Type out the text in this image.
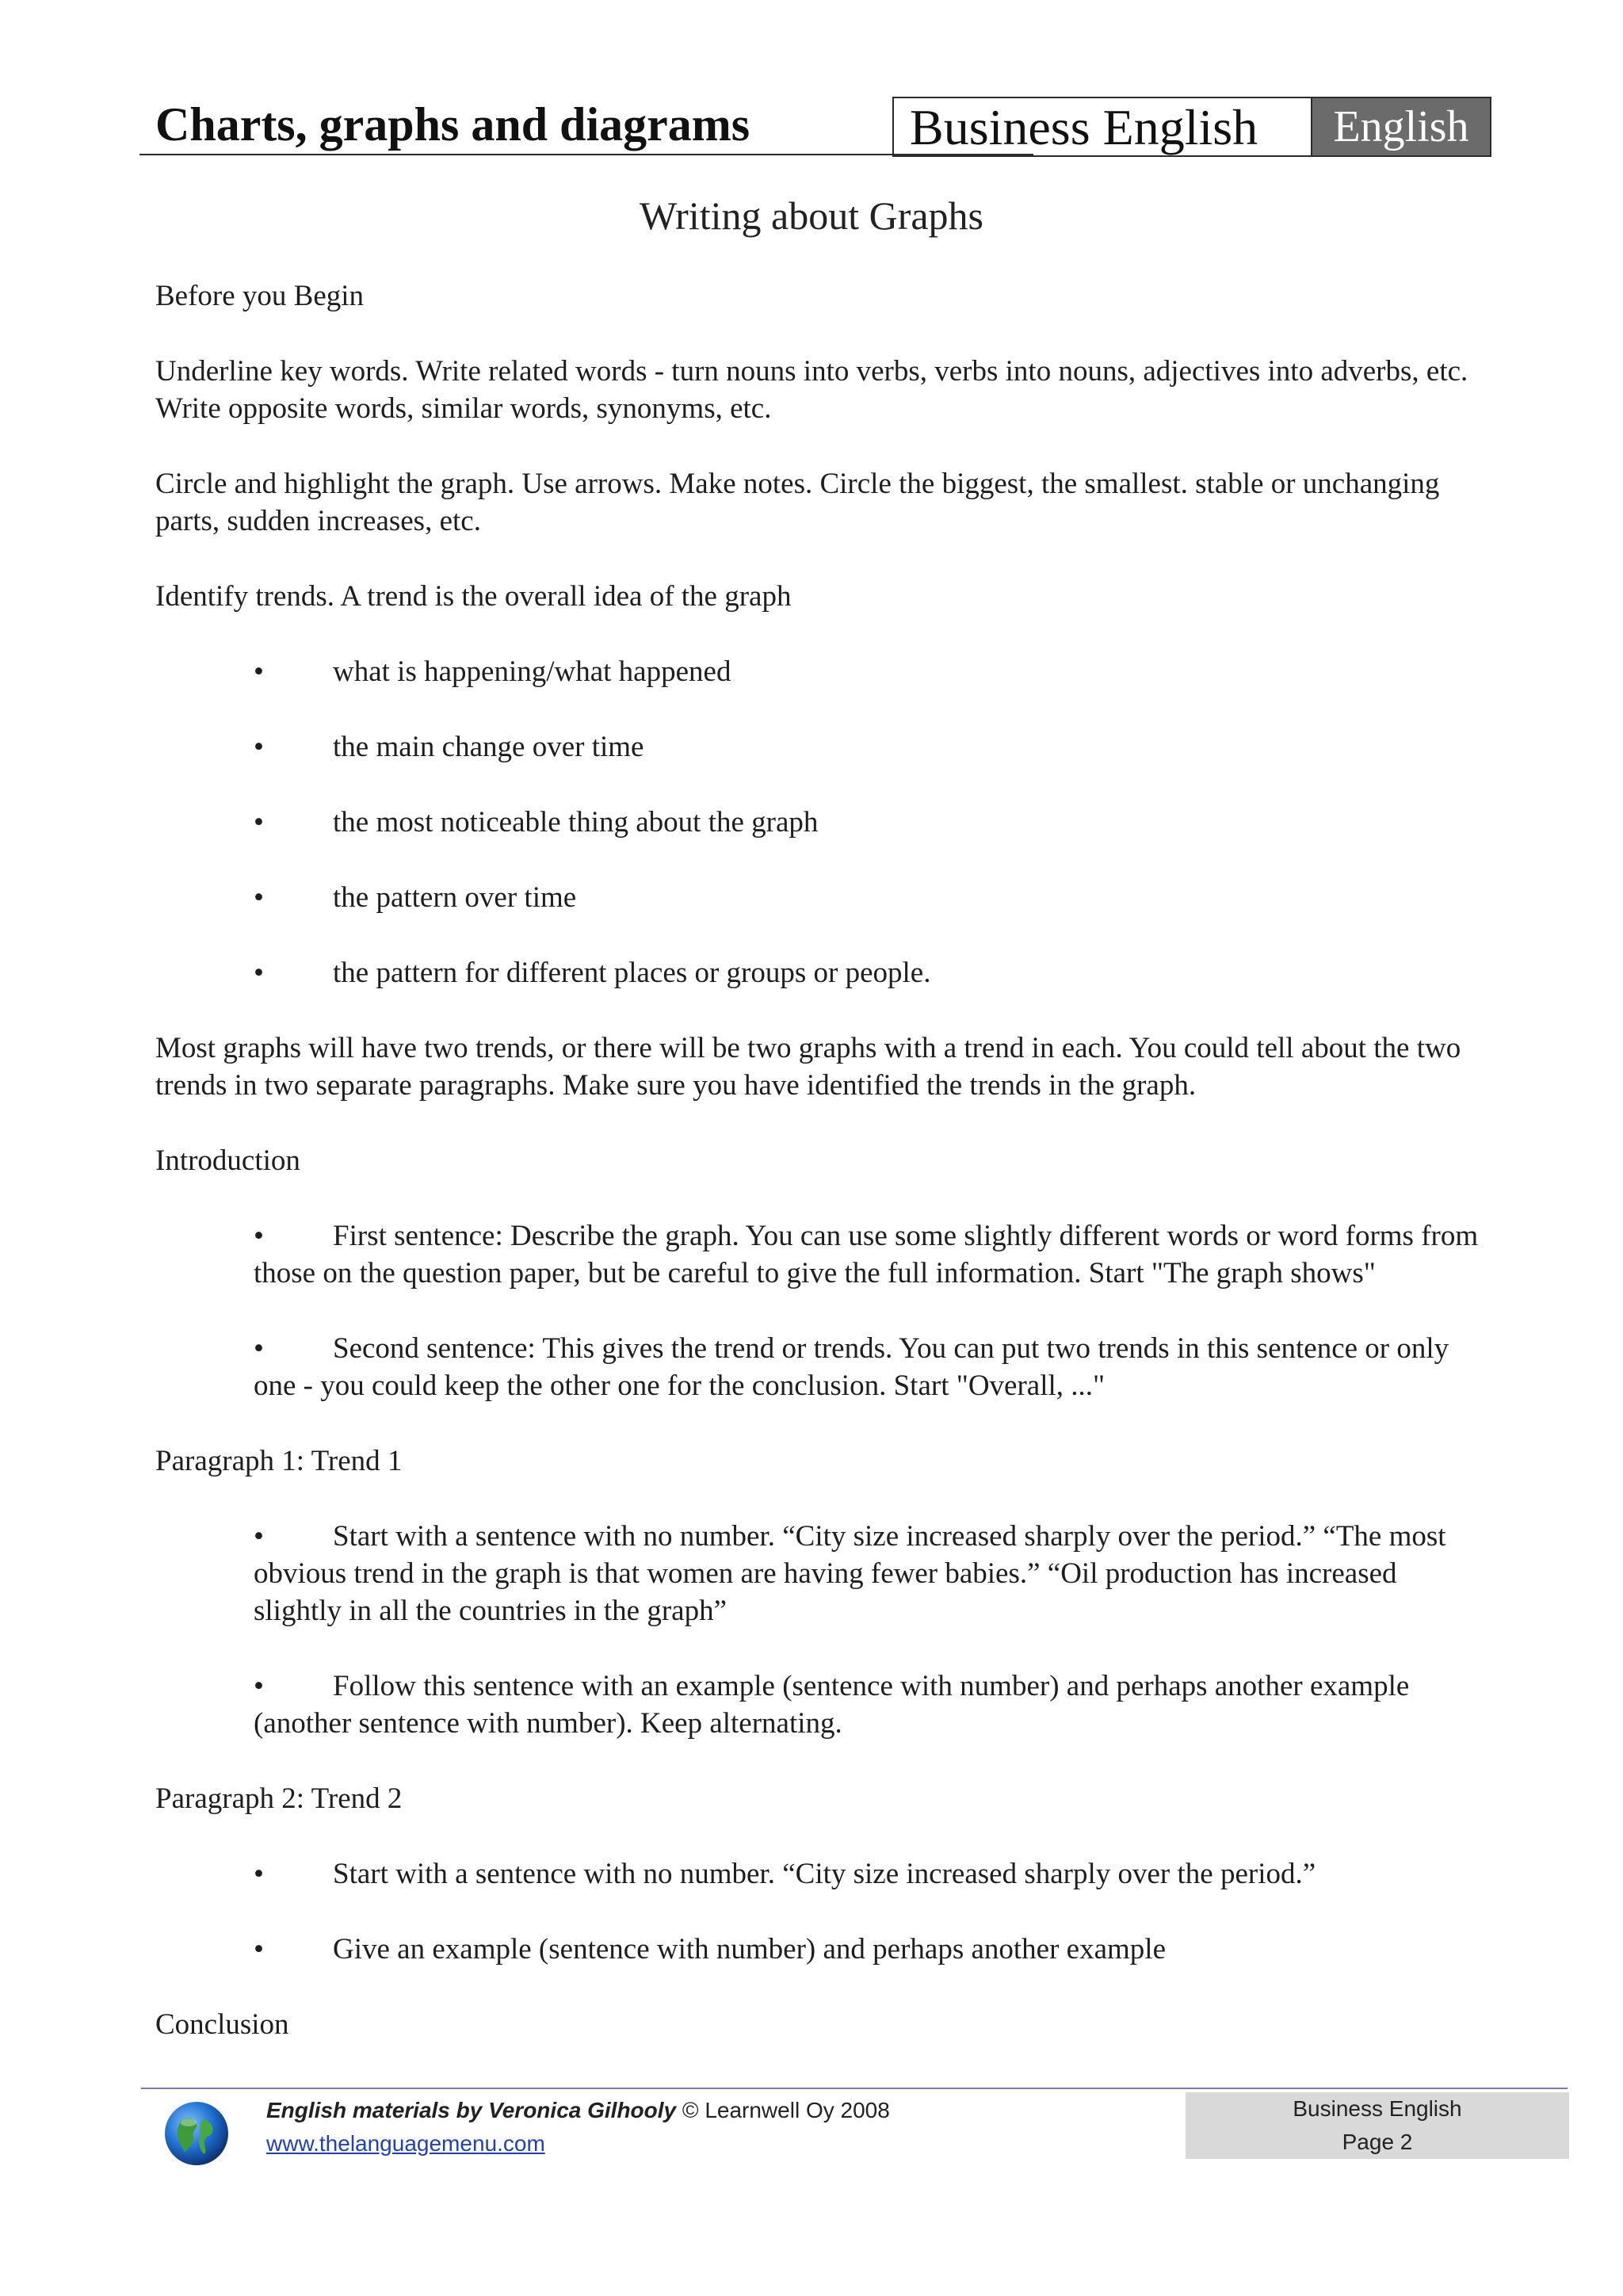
Charts, graphs and diagrams	Business English	English
Writing about Graphs
Before you Begin
Underline key words. Write related words - turn nouns into verbs, verbs into nouns, adjectives into adverbs, etc. Write opposite words, similar words, synonyms, etc.
Circle and highlight the graph. Use arrows. Make notes. Circle the biggest, the smallest. stable or unchanging parts, sudden increases, etc.
Identify trends. A trend is the overall idea of the graph
•	what is happening/what happened
•	the main change over time
•	the most noticeable thing about the graph
•	the pattern over time
•	the pattern for different places or groups or people.
Most graphs will have two trends, or there will be two graphs with a trend in each. You could tell about the two trends in two separate paragraphs. Make sure you have identified the trends in the graph.
Introduction
• First sentence: Describe the graph. You can use some slightly different words or word forms from those on the question paper, but be careful to give the full information. Start "The graph shows"
• Second sentence: This gives the trend or trends. You can put two trends in this sentence or only one - you could keep the other one for the conclusion. Start "Overall, ..."
Paragraph 1: Trend 1
• Start with a sentence with no number. “City size increased sharply over the period.” “The most obvious trend in the graph is that women are having fewer babies.” “Oil production has increased slightly in all the countries in the graph”
• Follow this sentence with an example (sentence with number) and perhaps another example (another sentence with number). Keep alternating.
Paragraph 2: Trend 2
•	Start with a sentence with no number. “City size increased sharply over the period.”
•	Give an example (sentence with number) and perhaps another example
Conclusion
English materials by Veronica Gilhooly © Learnwell Oy 2008
www.thelanguagemenu.com
Business English
Page 2
